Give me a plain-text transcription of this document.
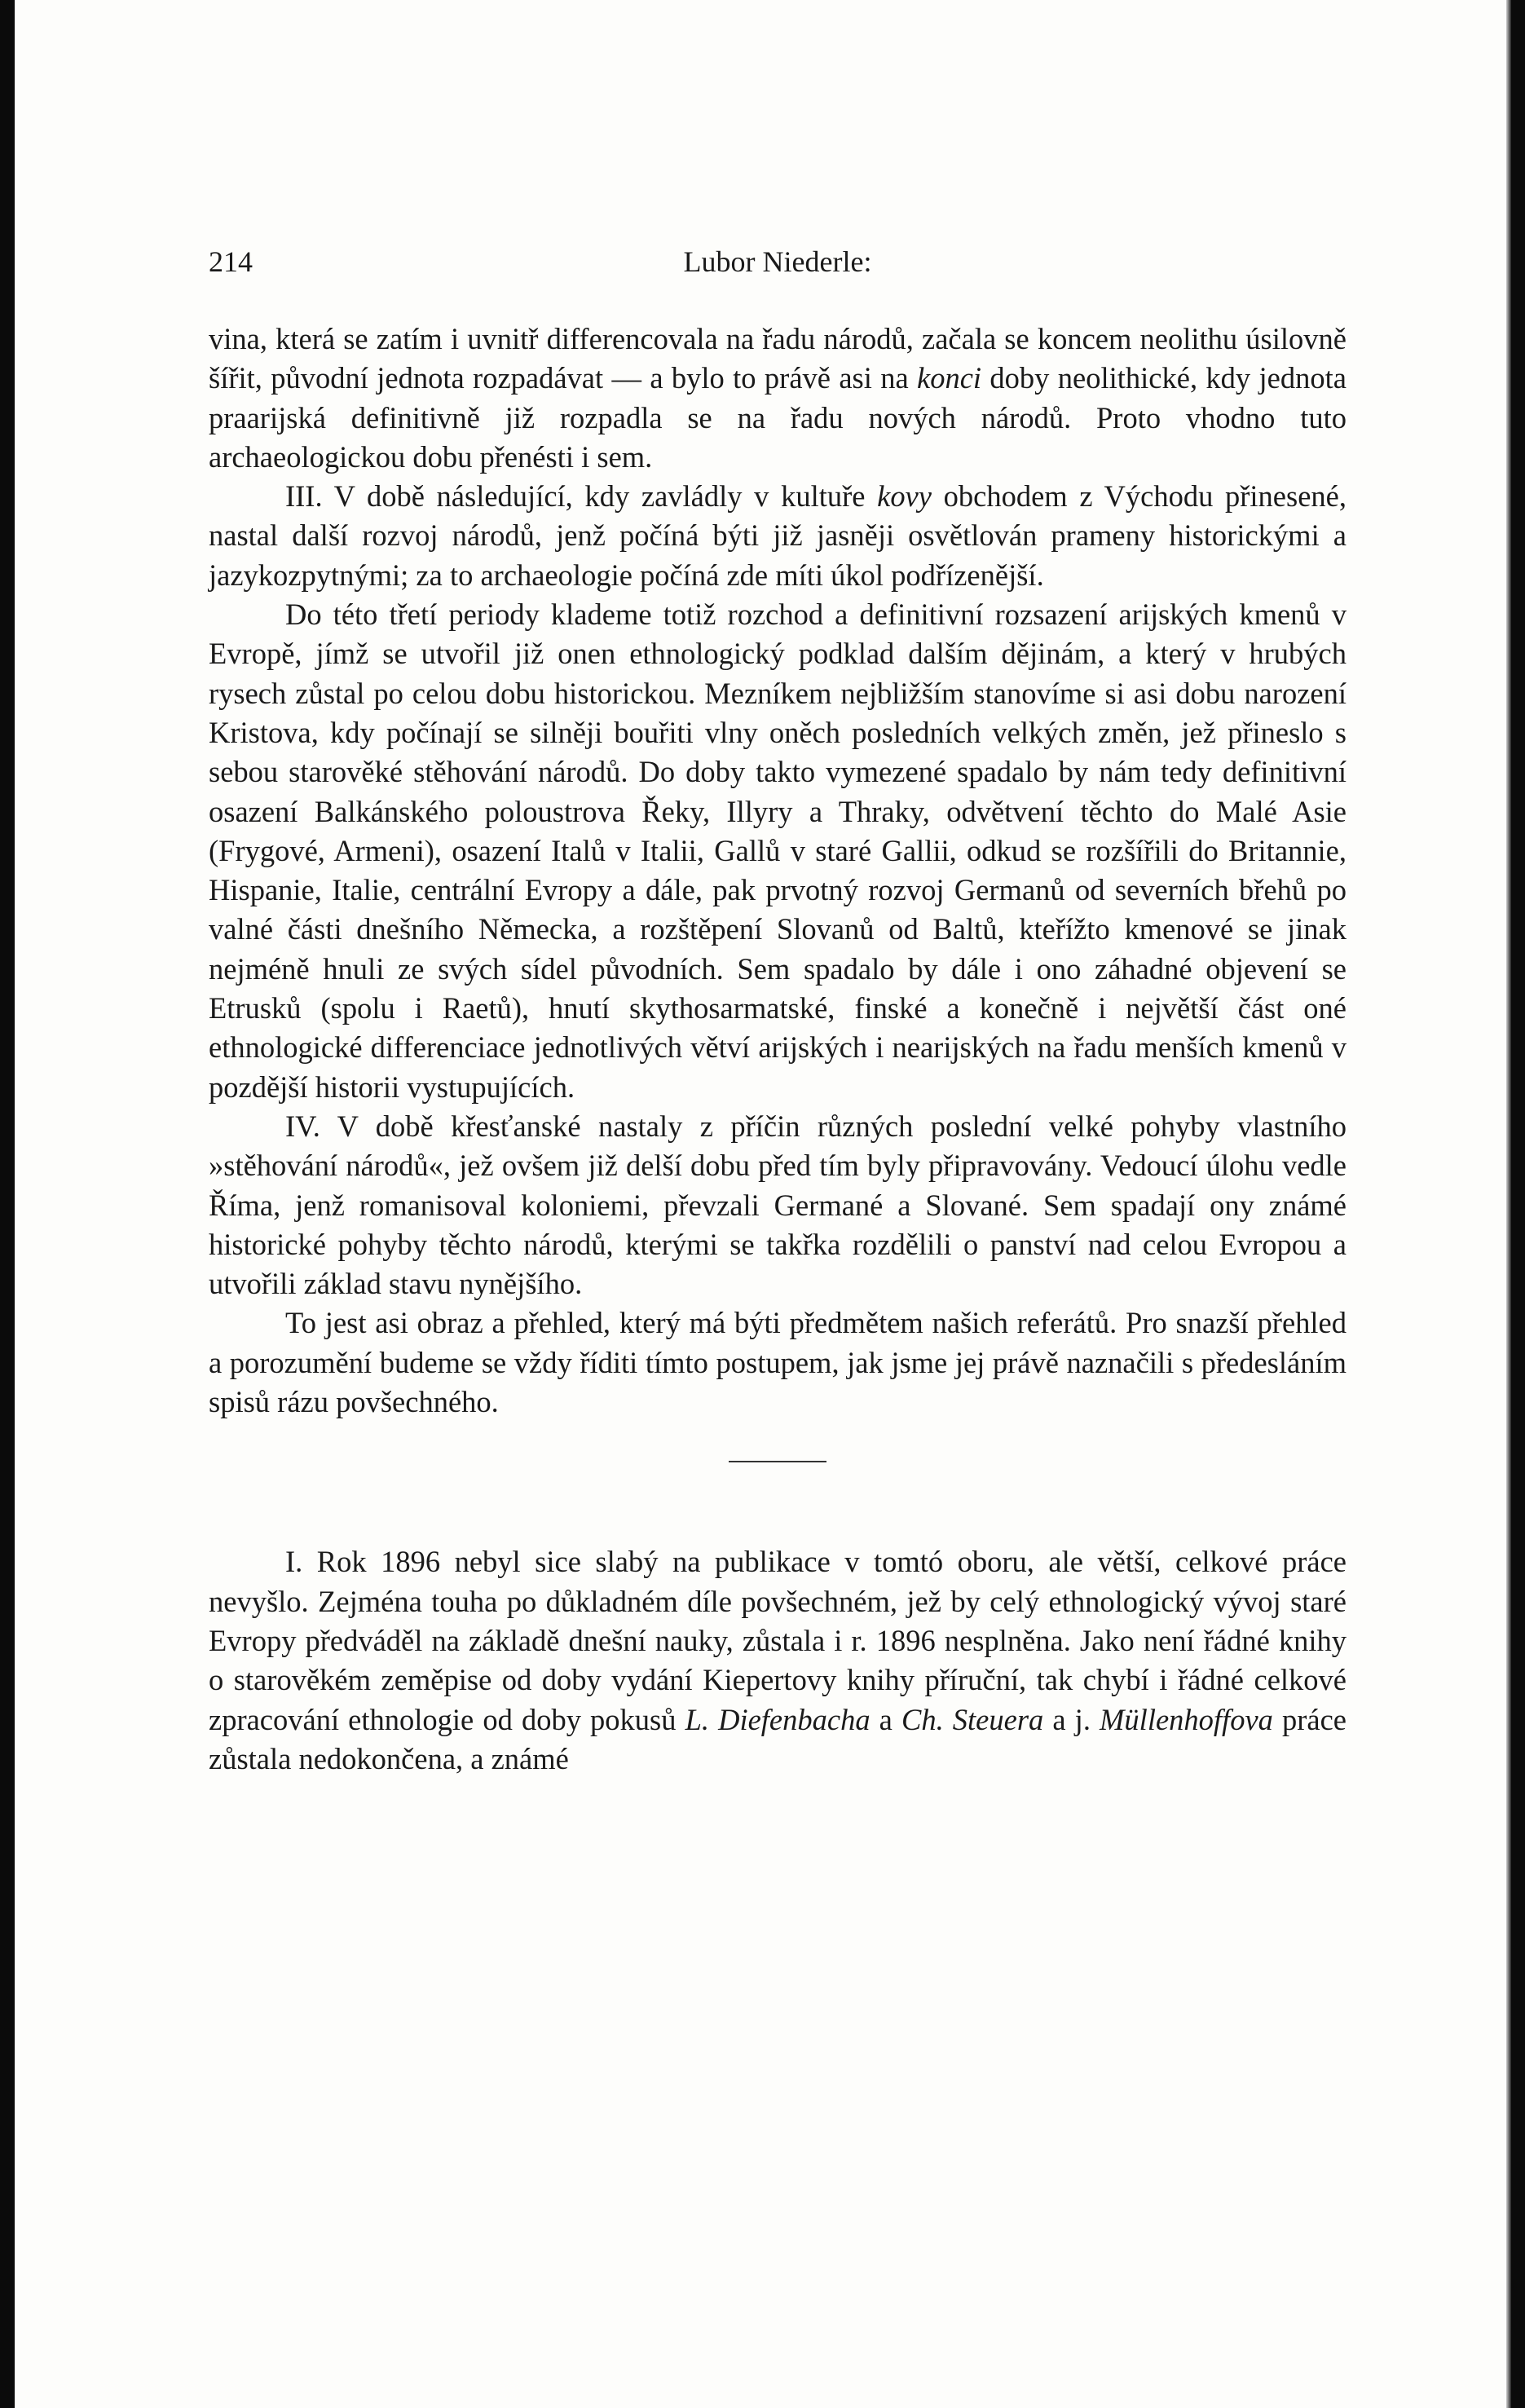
214	Lubor Niederle:

vina, která se zatím i uvnitř differencovala na řadu národů, začala se koncem neolithu úsilovně šířit, původní jednota rozpadávat — a bylo to právě asi na konci doby neolithické, kdy jednota praarijská definitivně již rozpadla se na řadu nových národů. Proto vhodno tuto archaeologickou dobu přenésti i sem.

III. V době následující, kdy zavládly v kultuře kovy obchodem z Východu přinesené, nastal další rozvoj národů, jenž počíná býti již jasněji osvětlován prameny historickými a jazykozpytnými; za to archaeologie počíná zde míti úkol podřízenější.

Do této třetí periody klademe totiž rozchod a definitivní rozsazení arijských kmenů v Evropě, jímž se utvořil již onen ethnologický podklad dalším dějinám, a který v hrubých rysech zůstal po celou dobu historickou. Mezníkem nejbližším stanovíme si asi dobu narození Kristova, kdy počínají se silněji bouřiti vlny oněch posledních velkých změn, jež přineslo s sebou starověké stěhování národů. Do doby takto vymezené spadalo by nám tedy definitivní osazení Balkánského poloustrova Řeky, Illyry a Thraky, odvětvení těchto do Malé Asie (Frygové, Armeni), osazení Italů v Italii, Gallů v staré Gallii, odkud se rozšířili do Britannie, Hispanie, Italie, centrální Evropy a dále, pak prvotný rozvoj Germanů od severních břehů po valné části dnešního Německa, a rozštěpení Slovanů od Baltů, kteřížto kmenové se jinak nejméně hnuli ze svých sídel původních. Sem spadalo by dále i ono záhadné objevení se Etrusků (spolu i Raetů), hnutí skythosarmatské, finské a konečně i největší část oné ethnologické differenciace jednotlivých větví arijských i nearijských na řadu menších kmenů v pozdější historii vystupujících.

IV. V době křesťanské nastaly z příčin různých poslední velké pohyby vlastního »stěhování národů«, jež ovšem již delší dobu před tím byly připravovány. Vedoucí úlohu vedle Říma, jenž romanisoval koloniemi, převzali Germané a Slované. Sem spadají ony známé historické pohyby těchto národů, kterými se takřka rozdělili o panství nad celou Evropou a utvořili základ stavu nynějšího.

To jest asi obraz a přehled, který má býti předmětem našich referátů. Pro snazší přehled a porozumění budeme se vždy říditi tímto postupem, jak jsme jej právě naznačili s předesláním spisů rázu povšechného.

I. Rok 1896 nebyl sice slabý na publikace v tomtó oboru, ale větší, celkové práce nevyšlo. Zejména touha po důkladném díle povšechném, jež by celý ethnologický vývoj staré Evropy předváděl na základě dnešní nauky, zůstala i r. 1896 nesplněna. Jako není řádné knihy o starověkém zeměpise od doby vydání Kiepertovy knihy příruční, tak chybí i řádné celkové zpracování ethnologie od doby pokusů L. Diefenbacha a Ch. Steuera a j. Müllenhoffova práce zůstala nedokončena, a známé
